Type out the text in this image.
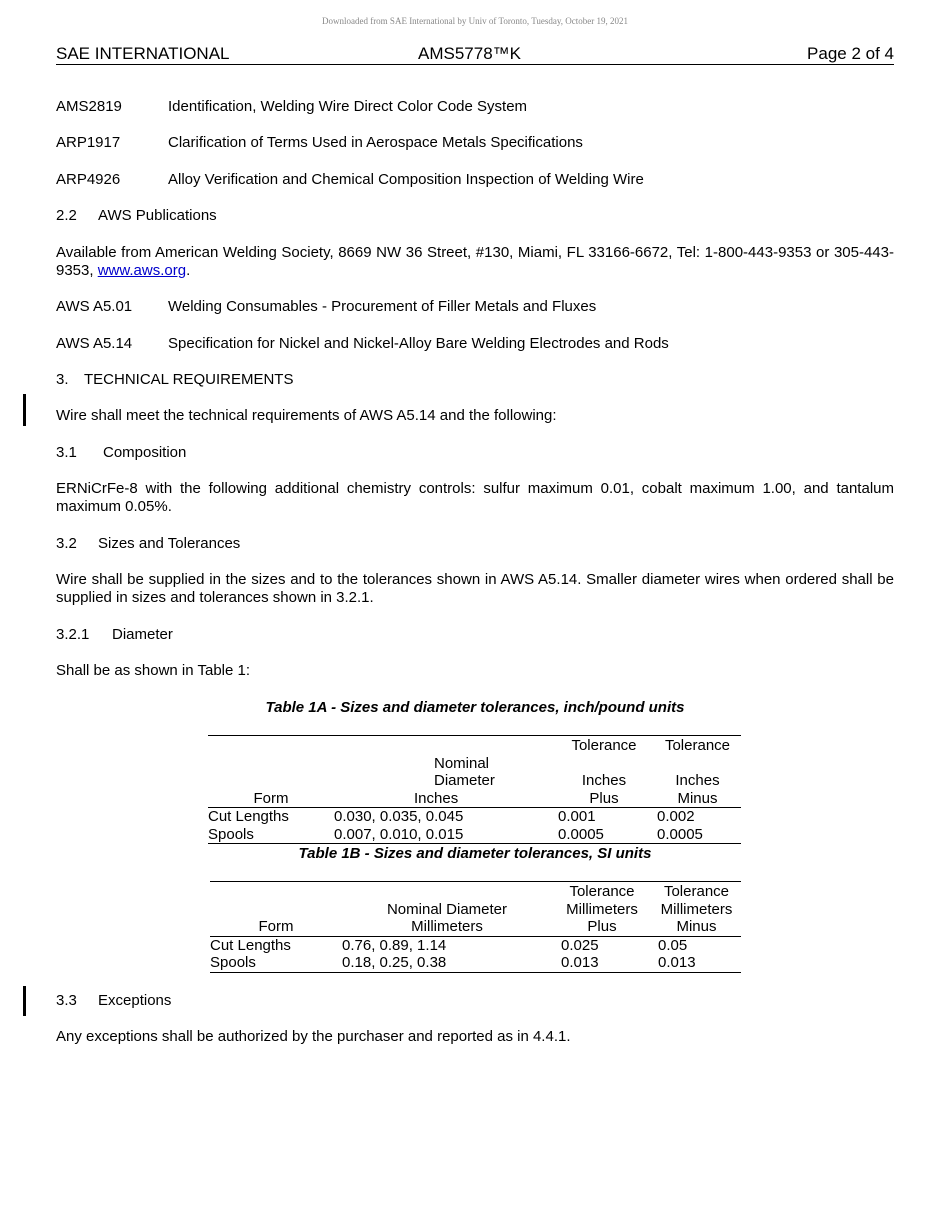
Downloaded from SAE International by Univ of Toronto, Tuesday, October 19, 2021
SAE INTERNATIONAL	AMS5778™K	Page 2 of 4
AMS2819	Identification, Welding Wire Direct Color Code System
ARP1917	Clarification of Terms Used in Aerospace Metals Specifications
ARP4926	Alloy Verification and Chemical Composition Inspection of Welding Wire
2.2 AWS Publications
Available from American Welding Society, 8669 NW 36 Street, #130, Miami, FL 33166-6672, Tel: 1-800-443-9353 or 305-443-9353, www.aws.org.
AWS A5.01 Welding Consumables - Procurement of Filler Metals and Fluxes
AWS A5.14 Specification for Nickel and Nickel-Alloy Bare Welding Electrodes and Rods
3. TECHNICAL REQUIREMENTS
Wire shall meet the technical requirements of AWS A5.14 and the following:
3.1 Composition
ERNiCrFe-8 with the following additional chemistry controls: sulfur maximum 0.01, cobalt maximum 1.00, and tantalum maximum 0.05%.
3.2 Sizes and Tolerances
Wire shall be supplied in the sizes and to the tolerances shown in AWS A5.14. Smaller diameter wires when ordered shall be supplied in sizes and tolerances shown in 3.2.1.
3.2.1 Diameter
Shall be as shown in Table 1:
Table 1A - Sizes and diameter tolerances, inch/pound units
		Tolerance	Tolerance
	Nominal Diameter	Inches	Inches
Form	Inches	Plus	Minus
Cut Lengths	0.030, 0.035, 0.045	0.001	0.002
Spools	0.007, 0.010, 0.015	0.0005	0.0005
Table 1B - Sizes and diameter tolerances, SI units
		Tolerance	Tolerance
	Nominal Diameter	Millimeters	Millimeters
Form	Millimeters	Plus	Minus
Cut Lengths	0.76, 0.89, 1.14	0.025	0.05
Spools	0.18, 0.25, 0.38	0.013	0.013
3.3 Exceptions
Any exceptions shall be authorized by the purchaser and reported as in 4.4.1.
